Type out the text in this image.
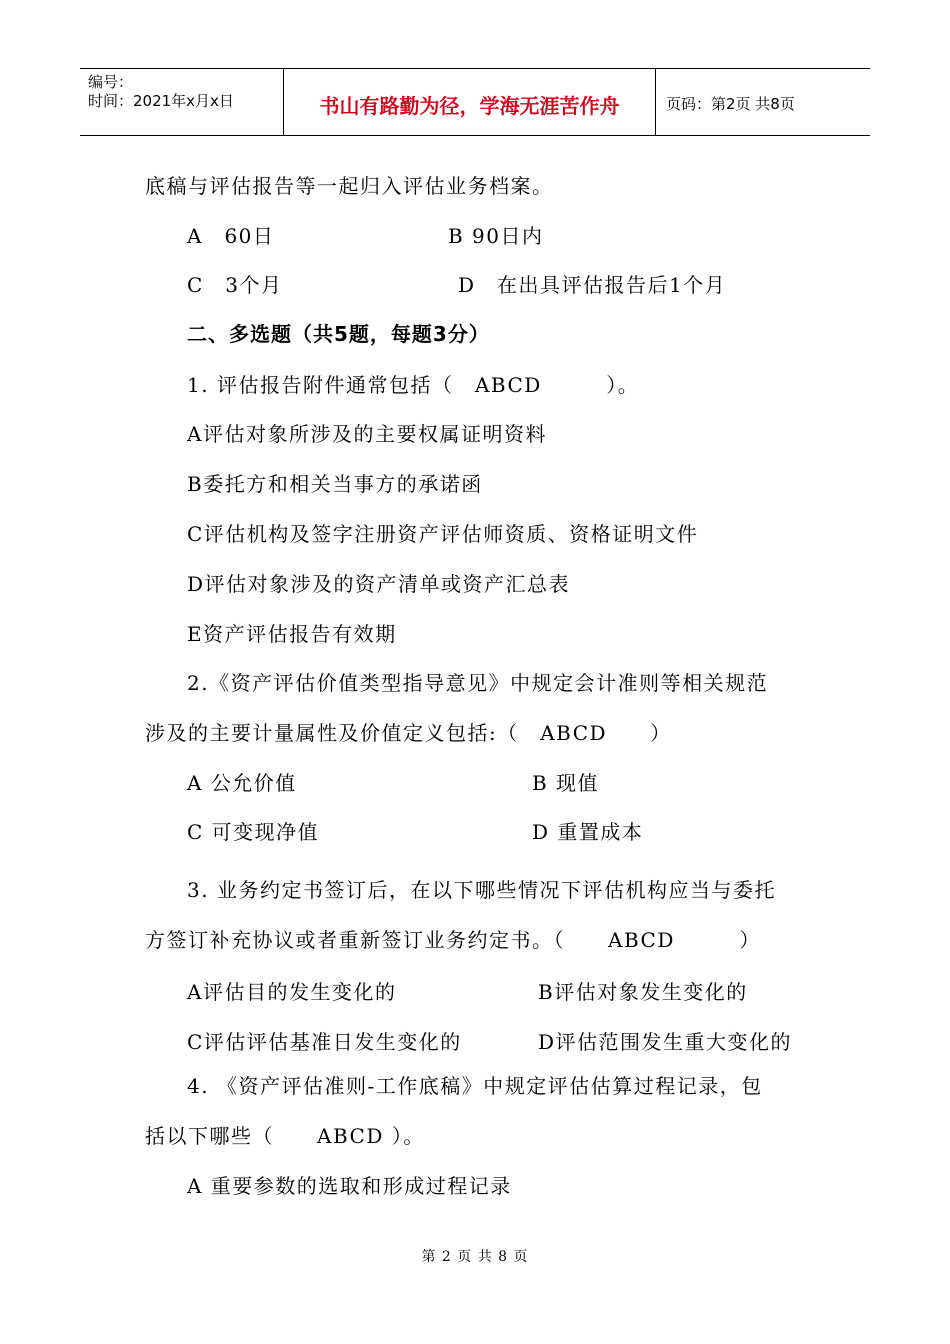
编号：
时间：2021年x月x日	书山有路勤为径，学海无涯苦作舟	页码：第2页 共8页
底稿与评估报告等一起归入评估业务档案。
A　60日	B 90日内
C　3个月	D　在出具评估报告后1个月
二、多选题（共5题，每题3分）
1. 评估报告附件通常包括（　ABCD　　　）。
A评估对象所涉及的主要权属证明资料
B委托方和相关当事方的承诺函
C评估机构及签字注册资产评估师资质、资格证明文件
D评估对象涉及的资产清单或资产汇总表
E资产评估报告有效期
2.《资产评估价值类型指导意见》中规定会计准则等相关规范
涉及的主要计量属性及价值定义包括:（　ABCD　　）
A 公允价值	B 现值
C 可变现净值	D 重置成本
3. 业务约定书签订后，在以下哪些情况下评估机构应当与委托
方签订补充协议或者重新签订业务约定书。（　　ABCD　　　）
A评估目的发生变化的	B评估对象发生变化的
C评估评估基准日发生变化的	D评估范围发生重大变化的
4. 《资产评估准则-工作底稿》中规定评估估算过程记录，包
括以下哪些（　　ABCD ）。
A 重要参数的选取和形成过程记录
第 2 页 共 8 页
